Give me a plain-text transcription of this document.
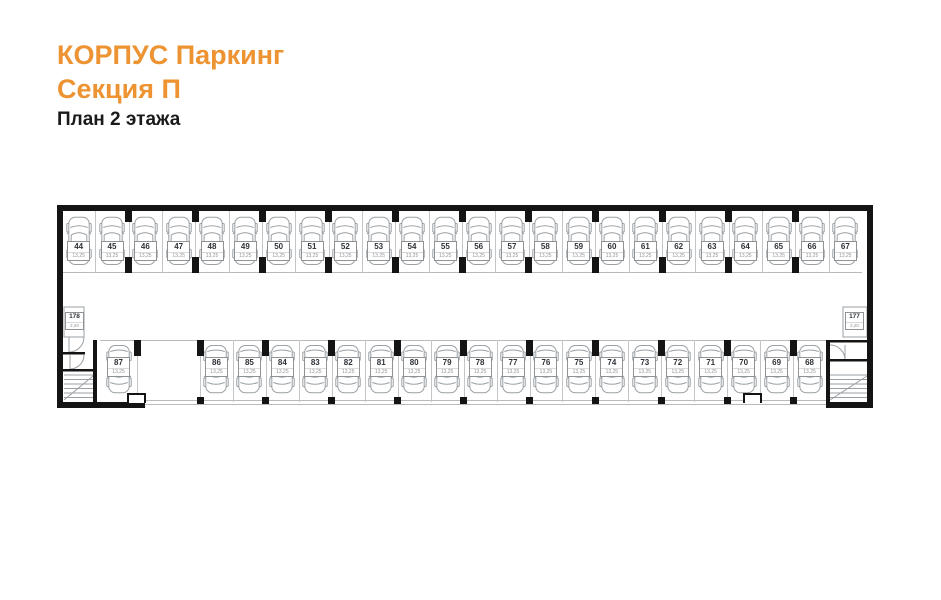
КОРПУС Паркинг
Секция П
План 2 этажа
178
2,20
177
2,20
44
13,25
45
13,25
46
13,25
47
13,25
48
13,25
49
13,25
50
13,25
51
13,25
52
13,25
53
13,25
54
13,25
55
13,25
56
13,25
57
13,25
58
13,25
59
13,25
60
13,25
61
13,25
62
13,25
63
13,25
64
13,25
65
13,25
66
13,25
67
13,25
87
13,25
86
13,25
85
13,25
84
13,25
83
13,25
82
13,25
81
13,25
80
13,25
79
13,25
78
13,25
77
13,25
76
13,25
75
13,25
74
13,25
73
13,25
72
13,25
71
13,25
70
13,25
69
13,25
68
13,25
